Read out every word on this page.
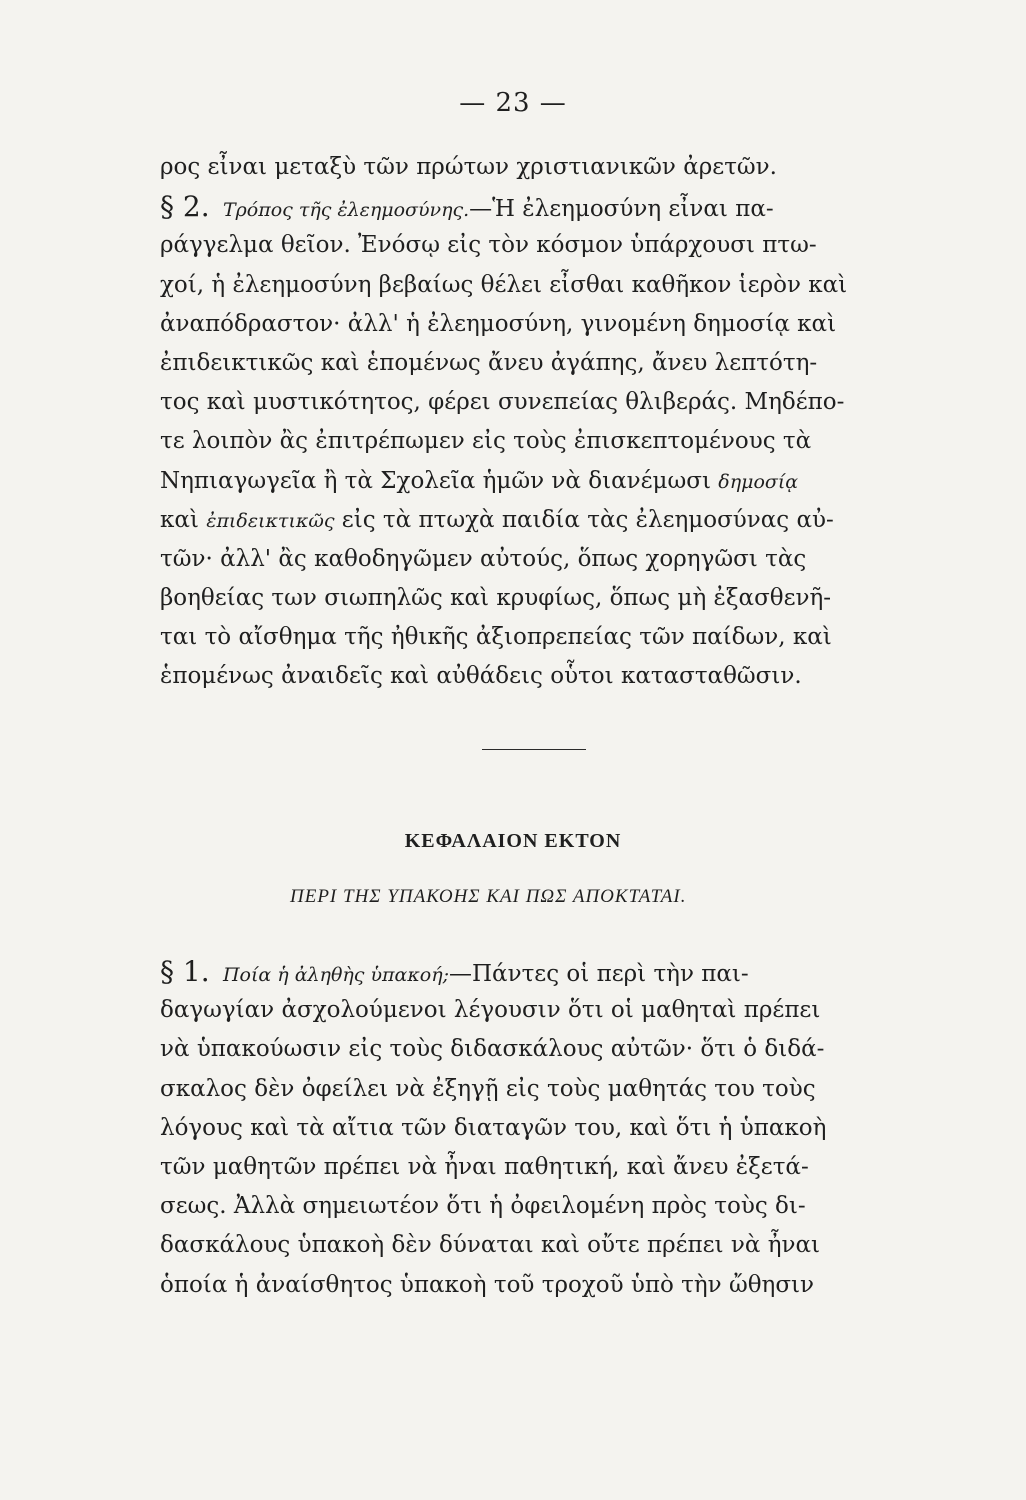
— 23 —
ρος εἶναι μεταξὺ τῶν πρώτων χριστιανικῶν ἀρετῶν.
§ 2. Τρόπος τῆς ἐλεημοσύνης.—Ἡ ἐλεημοσύνη εἶναι πα-
ράγγελμα θεῖον. Ἐνόσῳ εἰς τὸν κόσμον ὑπάρχουσι πτω-
χοί, ἡ ἐλεημοσύνη βεβαίως θέλει εἶσθαι καθῆκον ἱερὸν καὶ
ἀναπόδραστον· ἀλλ' ἡ ἐλεημοσύνη, γινομένη δημοσίᾳ καὶ
ἐπιδεικτικῶς καὶ ἑπομένως ἄνευ ἀγάπης, ἄνευ λεπτότη-
τος καὶ μυστικότητος, φέρει συνεπείας θλιβεράς. Μηδέπο-
τε λοιπὸν ἂς ἐπιτρέπωμεν εἰς τοὺς ἐπισκεπτομένους τὰ
Νηπιαγωγεῖα ἢ τὰ Σχολεῖα ἡμῶν νὰ διανέμωσι δημοσίᾳ
καὶ ἐπιδεικτικῶς εἰς τὰ πτωχὰ παιδία τὰς ἐλεημοσύνας αὐ-
τῶν· ἀλλ' ἂς καθοδηγῶμεν αὐτούς, ὅπως χορηγῶσι τὰς
βοηθείας των σιωπηλῶς καὶ κρυφίως, ὅπως μὴ ἐξασθενῆ-
ται τὸ αἴσθημα τῆς ἠθικῆς ἀξιοπρεπείας τῶν παίδων, καὶ
ἑπομένως ἀναιδεῖς καὶ αὐθάδεις οὗτοι κατασταθῶσιν.
ΚΕΦΑΛΑΙΟΝ ΕΚΤΟΝ
ΠΕΡΙ ΤΗΣ ΥΠΑΚΟΗΣ ΚΑΙ ΠΩΣ ΑΠΟΚΤΑΤΑΙ.
§ 1. Ποία ἡ ἀληθὴς ὑπακοή;—Πάντες οἱ περὶ τὴν παι-
δαγωγίαν ἀσχολούμενοι λέγουσιν ὅτι οἱ μαθηταὶ πρέπει
νὰ ὑπακούωσιν εἰς τοὺς διδασκάλους αὐτῶν· ὅτι ὁ διδά-
σκαλος δὲν ὀφείλει νὰ ἐξηγῇ εἰς τοὺς μαθητάς του τοὺς
λόγους καὶ τὰ αἴτια τῶν διαταγῶν του, καὶ ὅτι ἡ ὑπακοὴ
τῶν μαθητῶν πρέπει νὰ ἦναι παθητική, καὶ ἄνευ ἐξετά-
σεως. Ἀλλὰ σημειωτέον ὅτι ἡ ὀφειλομένη πρὸς τοὺς δι-
δασκάλους ὑπακοὴ δὲν δύναται καὶ οὔτε πρέπει νὰ ἦναι
ὁποία ἡ ἀναίσθητος ὑπακοὴ τοῦ τροχοῦ ὑπὸ τὴν ὤθησιν
